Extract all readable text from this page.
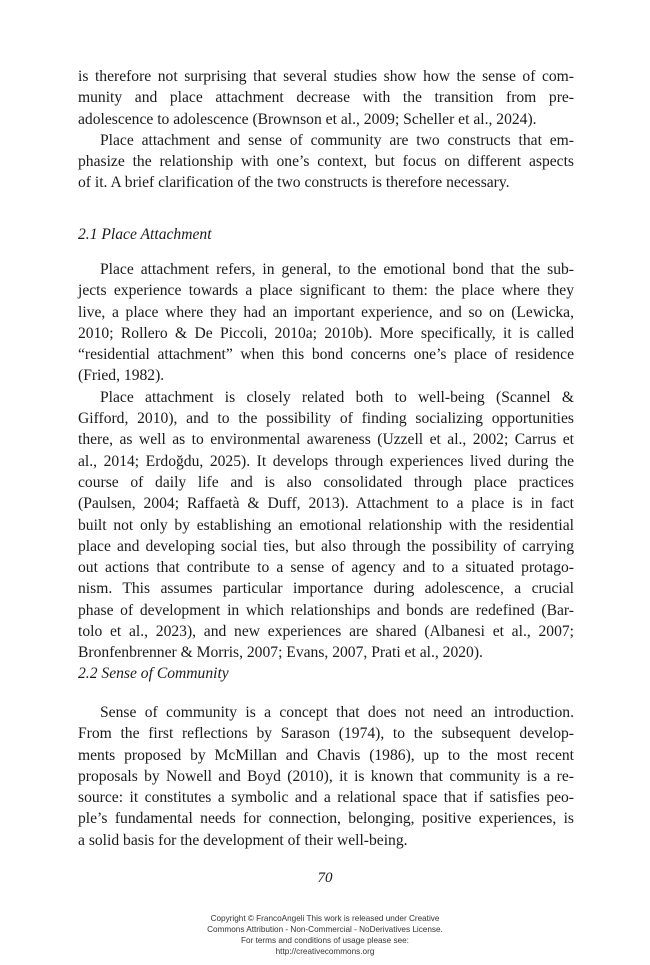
is therefore not surprising that several studies show how the sense of com-
munity and place attachment decrease with the transition from pre-
adolescence to adolescence (Brownson et al., 2009; Scheller et al., 2024).
Place attachment and sense of community are two constructs that em-
phasize the relationship with one’s context, but focus on different aspects
of it. A brief clarification of the two constructs is therefore necessary.
2.1 Place Attachment
Place attachment refers, in general, to the emotional bond that the sub-
jects experience towards a place significant to them: the place where they
live, a place where they had an important experience, and so on (Lewicka,
2010; Rollero & De Piccoli, 2010a; 2010b). More specifically, it is called
“residential attachment” when this bond concerns one’s place of residence
(Fried, 1982).
Place attachment is closely related both to well-being (Scannel &
Gifford, 2010), and to the possibility of finding socializing opportunities
there, as well as to environmental awareness (Uzzell et al., 2002; Carrus et
al., 2014; Erdoğdu, 2025). It develops through experiences lived during the
course of daily life and is also consolidated through place practices
(Paulsen, 2004; Raffaetà & Duff, 2013). Attachment to a place is in fact
built not only by establishing an emotional relationship with the residential
place and developing social ties, but also through the possibility of carrying
out actions that contribute to a sense of agency and to a situated protago-
nism. This assumes particular importance during adolescence, a crucial
phase of development in which relationships and bonds are redefined (Bar-
tolo et al., 2023), and new experiences are shared (Albanesi et al., 2007;
Bronfenbrenner & Morris, 2007; Evans, 2007, Prati et al., 2020).
2.2 Sense of Community
Sense of community is a concept that does not need an introduction.
From the first reflections by Sarason (1974), to the subsequent develop-
ments proposed by McMillan and Chavis (1986), up to the most recent
proposals by Nowell and Boyd (2010), it is known that community is a re-
source: it constitutes a symbolic and a relational space that if satisfies peo-
ple’s fundamental needs for connection, belonging, positive experiences, is
a solid basis for the development of their well-being.
70
Copyright © FrancoAngeli This work is released under Creative
Commons Attribution - Non-Commercial - NoDerivatives License.
For terms and conditions of usage please see:
http://creativecommons.org
